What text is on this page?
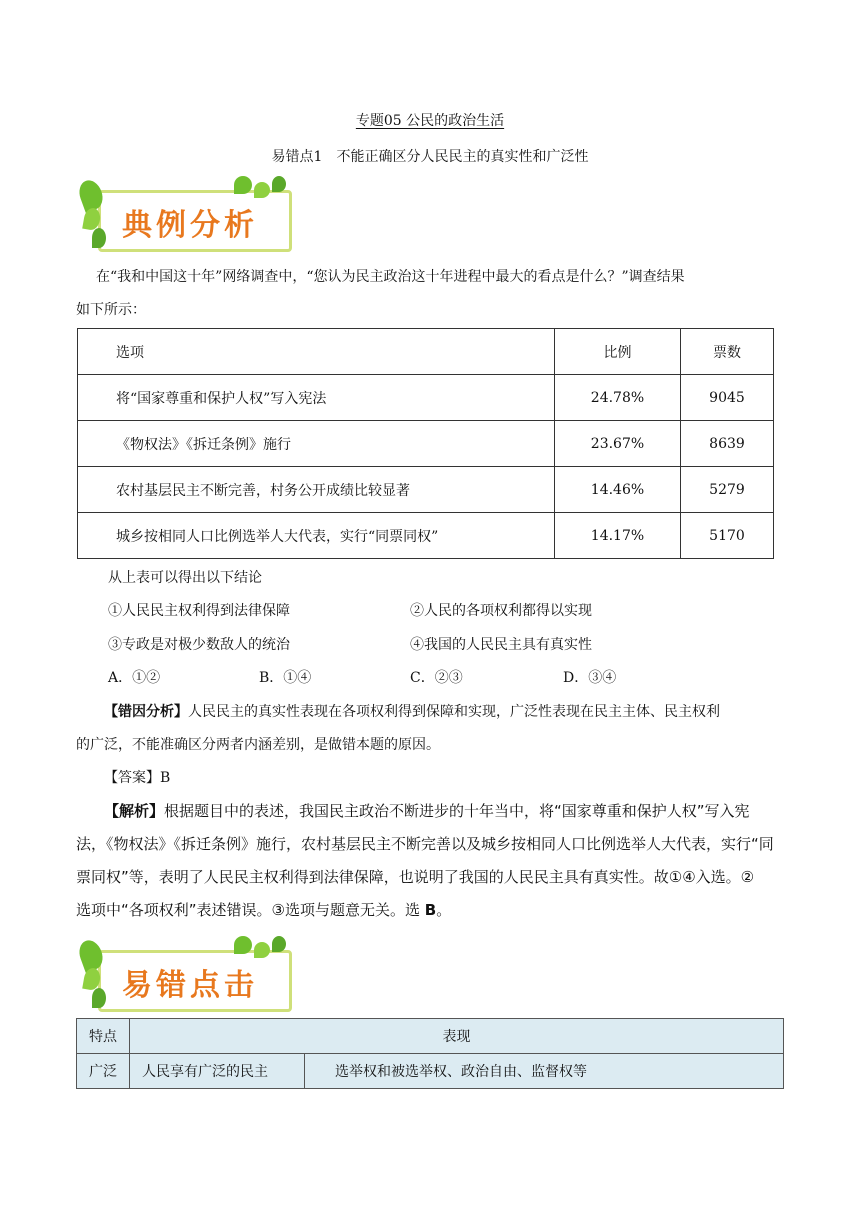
专题05 公民的政治生活
易错点1　不能正确区分人民民主的真实性和广泛性
典例分析
在“我和中国这十年”网络调查中，“您认为民主政治这十年进程中最大的看点是什么？”调查结果
如下所示：
选项	比例	票数
将“国家尊重和保护人权”写入宪法	24.78%	9045
《物权法》《拆迁条例》施行	23.67%	8639
农村基层民主不断完善，村务公开成绩比较显著	14.46%	5279
城乡按相同人口比例选举人大代表，实行“同票同权”	14.17%	5170
从上表可以得出以下结论
①人民民主权利得到法律保障	②人民的各项权利都得以实现
③专政是对极少数敌人的统治	④我国的人民民主具有真实性
A．①②	B．①④	C．②③	D．③④
【错因分析】人民民主的真实性表现在各项权利得到保障和实现，广泛性表现在民主主体、民主权利
的广泛，不能准确区分两者内涵差别，是做错本题的原因。
【答案】B
【解析】根据题目中的表述，我国民主政治不断进步的十年当中，将“国家尊重和保护人权”写入宪
法，《物权法》《拆迁条例》施行，农村基层民主不断完善以及城乡按相同人口比例选举人大代表，实行“同
票同权”等，表明了人民民主权利得到法律保障，也说明了我国的人民民主具有真实性。故①④入选。②
选项中“各项权利”表述错误。③选项与题意无关。选 B。
易错点击
特点	表现	
广泛	人民享有广泛的民主	选举权和被选举权、政治自由、监督权等
